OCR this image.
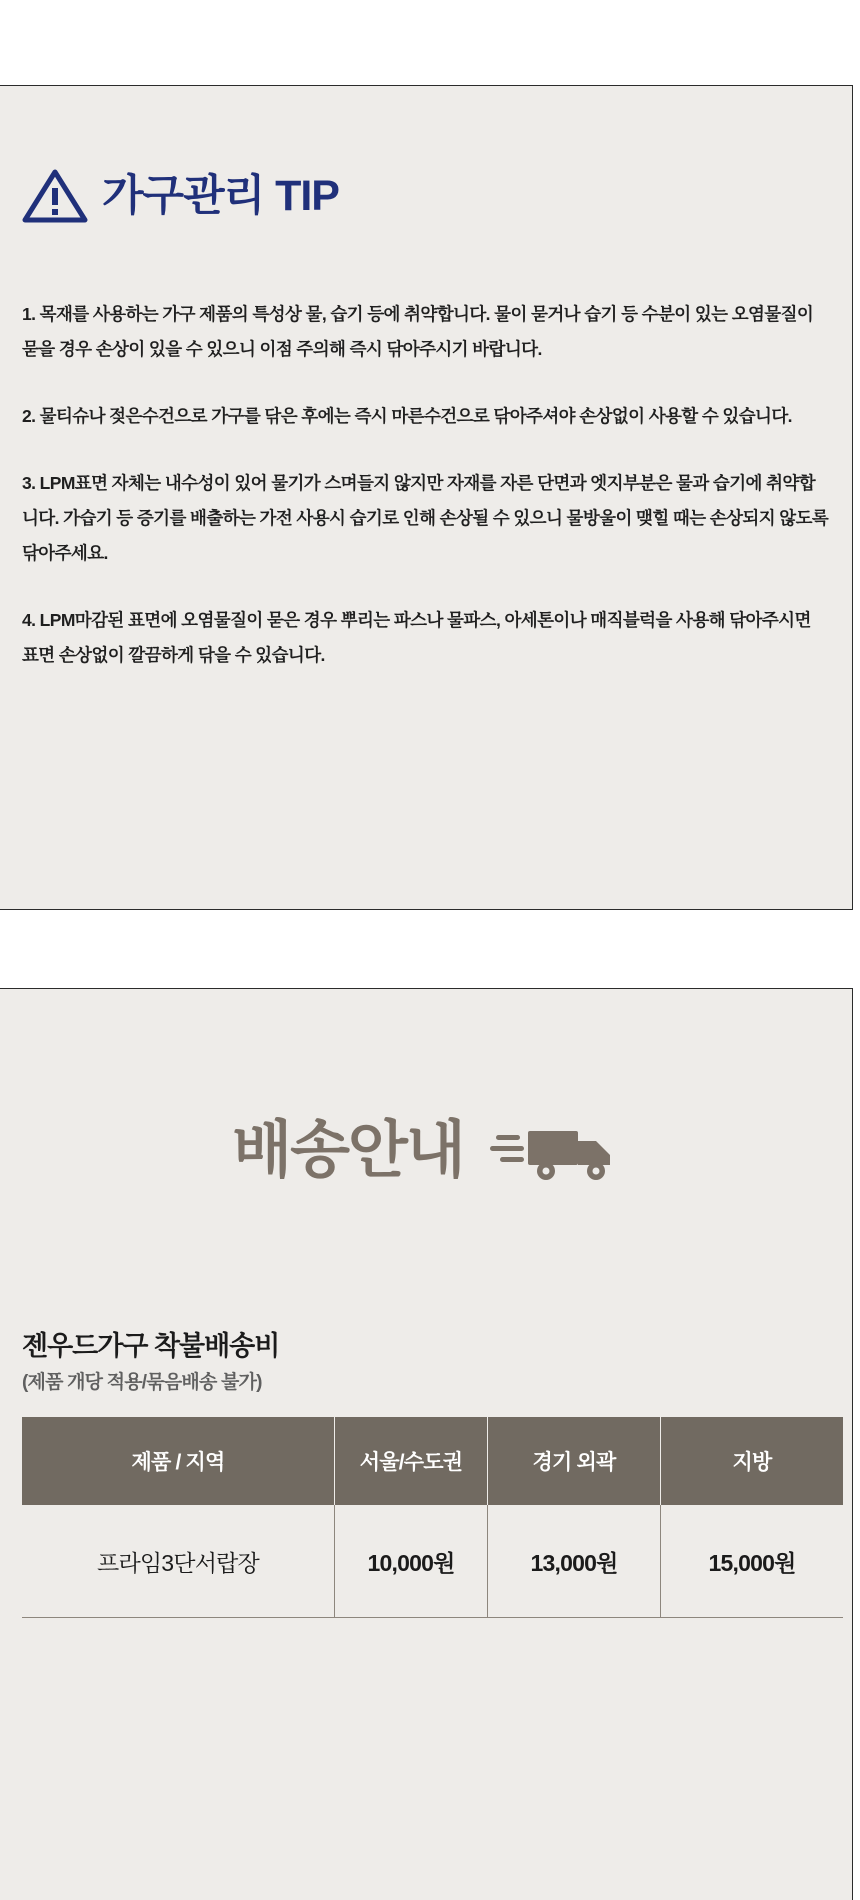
가구관리 TIP

1. 목재를 사용하는 가구 제품의 특성상 물, 습기 등에 취약합니다. 물이 묻거나 습기 등 수분이 있는 오염물질이 묻을 경우 손상이 있을 수 있으니 이점 주의해 즉시 닦아주시기 바랍니다.

2. 물티슈나 젖은수건으로 가구를 닦은 후에는 즉시 마른수건으로 닦아주셔야 손상없이 사용할 수 있습니다.

3. LPM표면 자체는 내수성이 있어 물기가 스며들지 않지만 자재를 자른 단면과 엣지부분은 물과 습기에 취약합니다. 가습기 등 증기를 배출하는 가전 사용시 습기로 인해 손상될 수 있으니 물방울이 맺힐 때는 손상되지 않도록 닦아주세요.

4. LPM마감된 표면에 오염물질이 묻은 경우 뿌리는 파스나 물파스, 아세톤이나 매직블럭을 사용해 닦아주시면 표면 손상없이 깔끔하게 닦을 수 있습니다.

배송안내
젠우드가구 착불배송비

(제품 개당 적용/묶음배송 불가)

제품 / 지역	서울/수도권	경기 외곽	지방
프라임3단서랍장	10,000원	13,000원	15,000원
